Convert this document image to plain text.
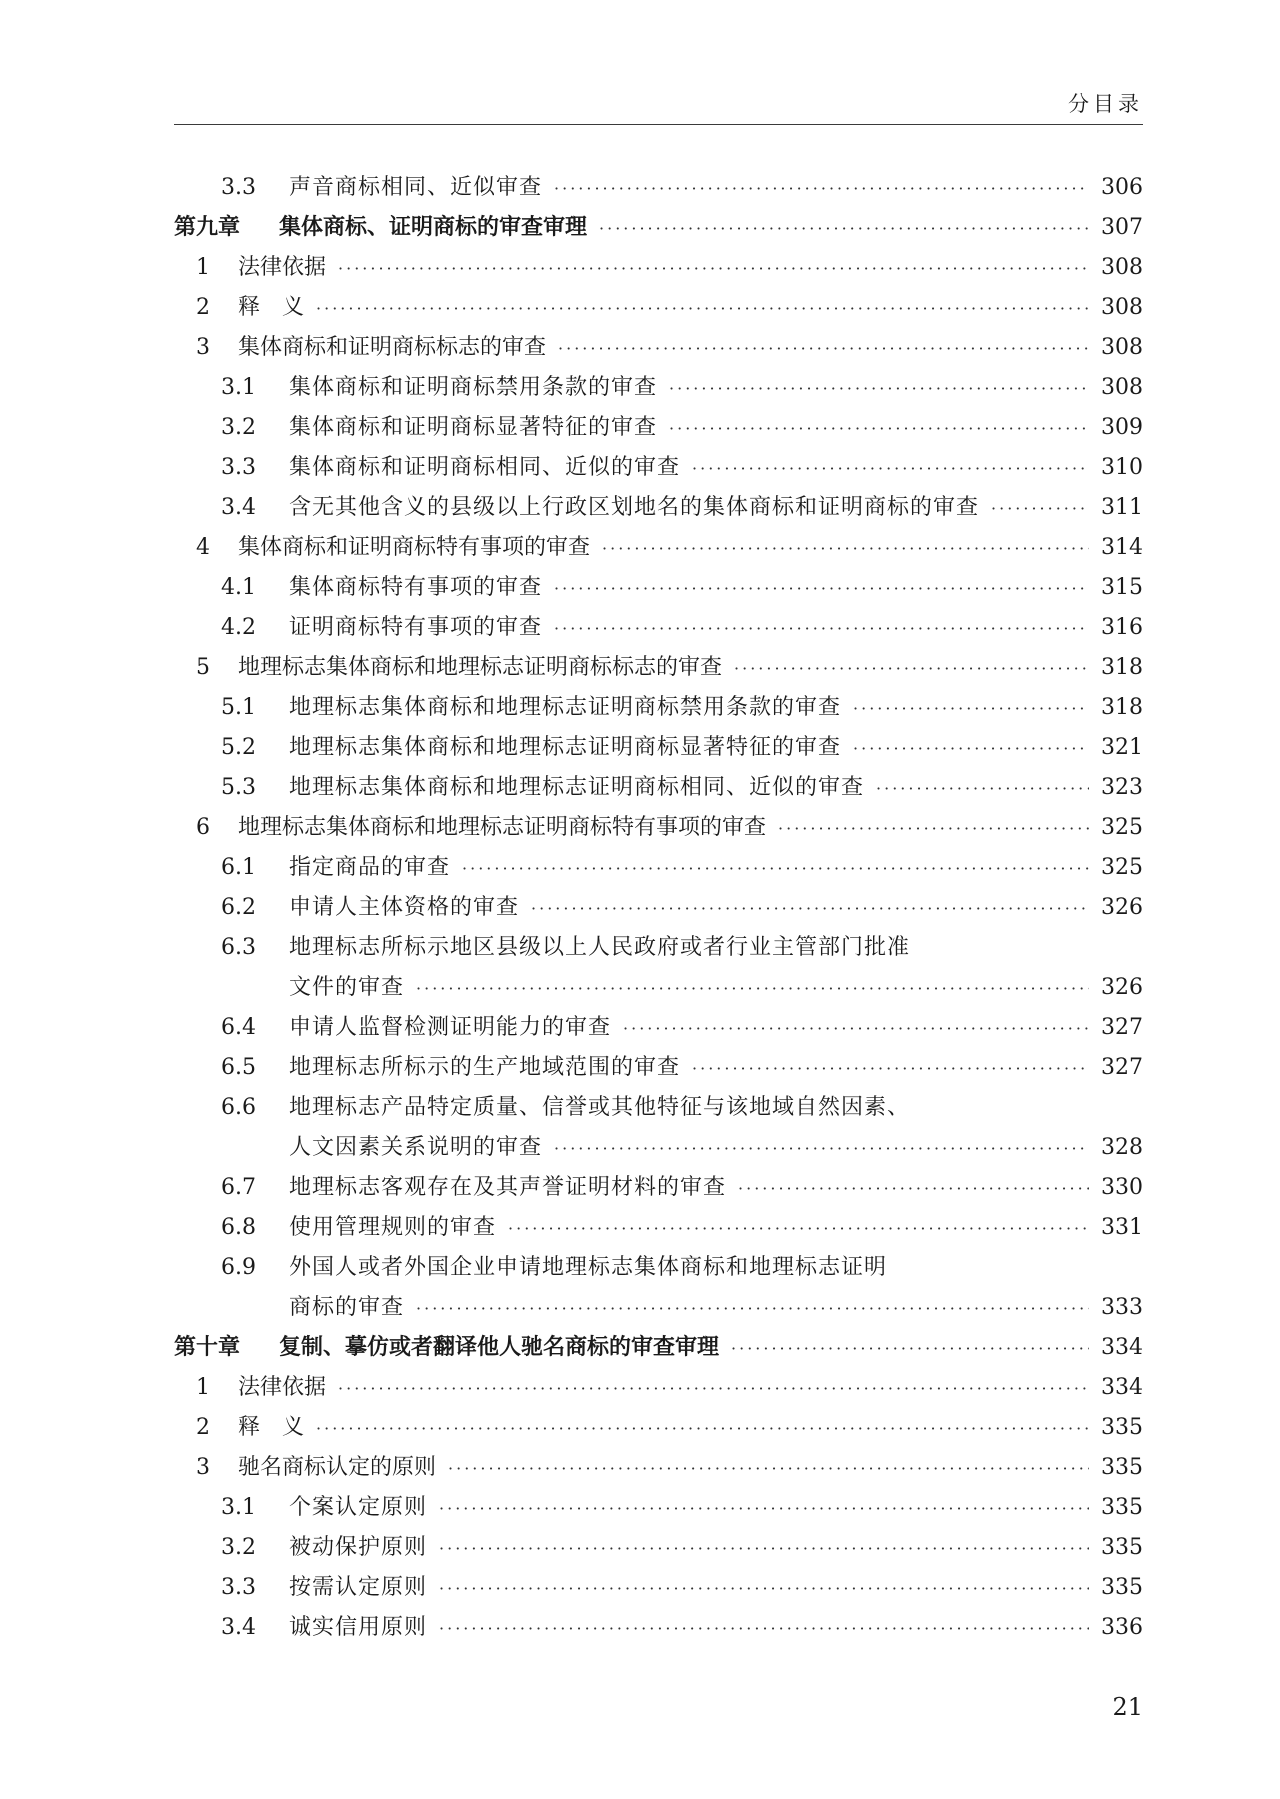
分目录
3.3	声音商标相同、近似审查 ·····	306
第九章	集体商标、证明商标的审查审理 ·····	307
1	法律依据 ·····	308
2	释　义 ·····	308
3	集体商标和证明商标标志的审查 ·····	308
3.1	集体商标和证明商标禁用条款的审查 ·····	308
3.2	集体商标和证明商标显著特征的审查 ·····	309
3.3	集体商标和证明商标相同、近似的审查 ·····	310
3.4	含无其他含义的县级以上行政区划地名的集体商标和证明商标的审查 ·····	311
4	集体商标和证明商标特有事项的审查 ·····	314
4.1	集体商标特有事项的审查 ·····	315
4.2	证明商标特有事项的审查 ·····	316
5	地理标志集体商标和地理标志证明商标标志的审查 ·····	318
5.1	地理标志集体商标和地理标志证明商标禁用条款的审查 ·····	318
5.2	地理标志集体商标和地理标志证明商标显著特征的审查 ·····	321
5.3	地理标志集体商标和地理标志证明商标相同、近似的审查 ·····	323
6	地理标志集体商标和地理标志证明商标特有事项的审查 ·····	325
6.1	指定商品的审查 ·····	325
6.2	申请人主体资格的审查 ·····	326
6.3	地理标志所标示地区县级以上人民政府或者行业主管部门批准
文件的审查 ·····	326
6.4	申请人监督检测证明能力的审查 ·····	327
6.5	地理标志所标示的生产地域范围的审查 ·····	327
6.6	地理标志产品特定质量、信誉或其他特征与该地域自然因素、
人文因素关系说明的审查 ·····	328
6.7	地理标志客观存在及其声誉证明材料的审查 ·····	330
6.8	使用管理规则的审查 ·····	331
6.9	外国人或者外国企业申请地理标志集体商标和地理标志证明
商标的审查 ·····	333
第十章	复制、摹仿或者翻译他人驰名商标的审查审理 ·····	334
1	法律依据 ·····	334
2	释　义 ·····	335
3	驰名商标认定的原则 ·····	335
3.1	个案认定原则 ·····	335
3.2	被动保护原则 ·····	335
3.3	按需认定原则 ·····	335
3.4	诚实信用原则 ·····	336
21
